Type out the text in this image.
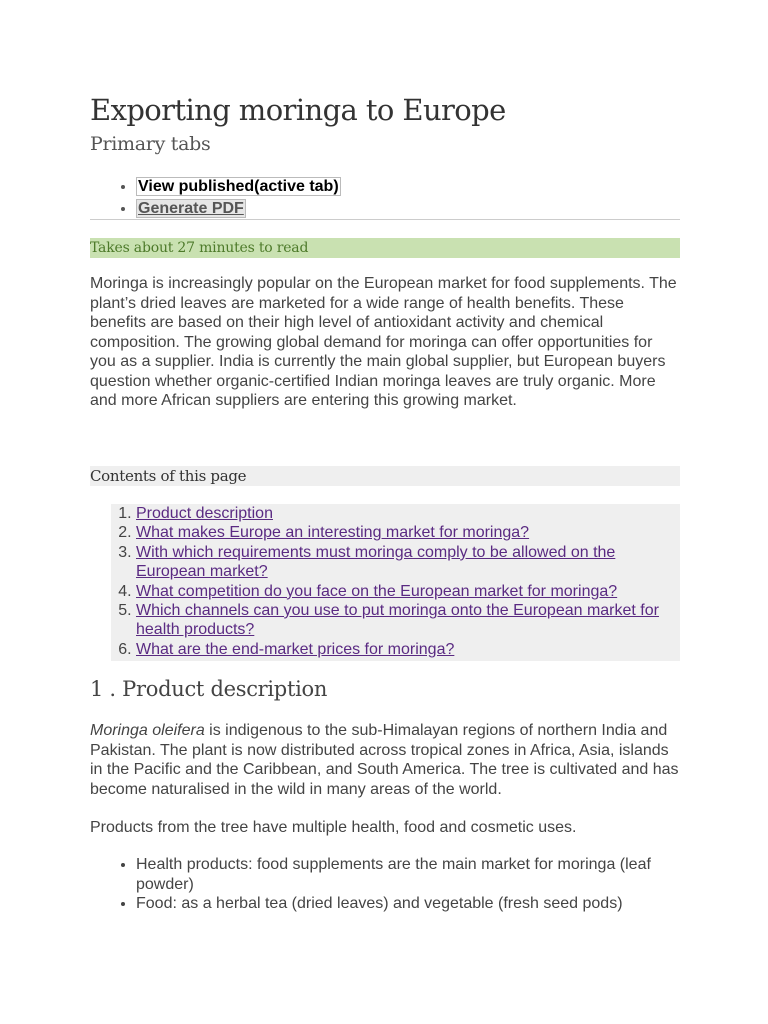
Exporting moringa to Europe
Primary tabs
• View published(active tab)
• Generate PDF
Takes about 27 minutes to read

Moringa is increasingly popular on the European market for food supplements. The plant’s dried leaves are marketed for a wide range of health benefits. These benefits are based on their high level of antioxidant activity and chemical composition. The growing global demand for moringa can offer opportunities for you as a supplier. India is currently the main global supplier, but European buyers question whether organic-certified Indian moringa leaves are truly organic. More and more African suppliers are entering this growing market.

Contents of this page
1. Product description
2. What makes Europe an interesting market for moringa?
3. With which requirements must moringa comply to be allowed on the European market?
4. What competition do you face on the European market for moringa?
5. Which channels can you use to put moringa onto the European market for health products?
6. What are the end-market prices for moringa?
1 . Product description

Moringa oleifera is indigenous to the sub-Himalayan regions of northern India and Pakistan. The plant is now distributed across tropical zones in Africa, Asia, islands in the Pacific and the Caribbean, and South America. The tree is cultivated and has become naturalised in the wild in many areas of the world.

Products from the tree have multiple health, food and cosmetic uses.

• Health products: food supplements are the main market for moringa (leaf powder)
• Food: as a herbal tea (dried leaves) and vegetable (fresh seed pods)
